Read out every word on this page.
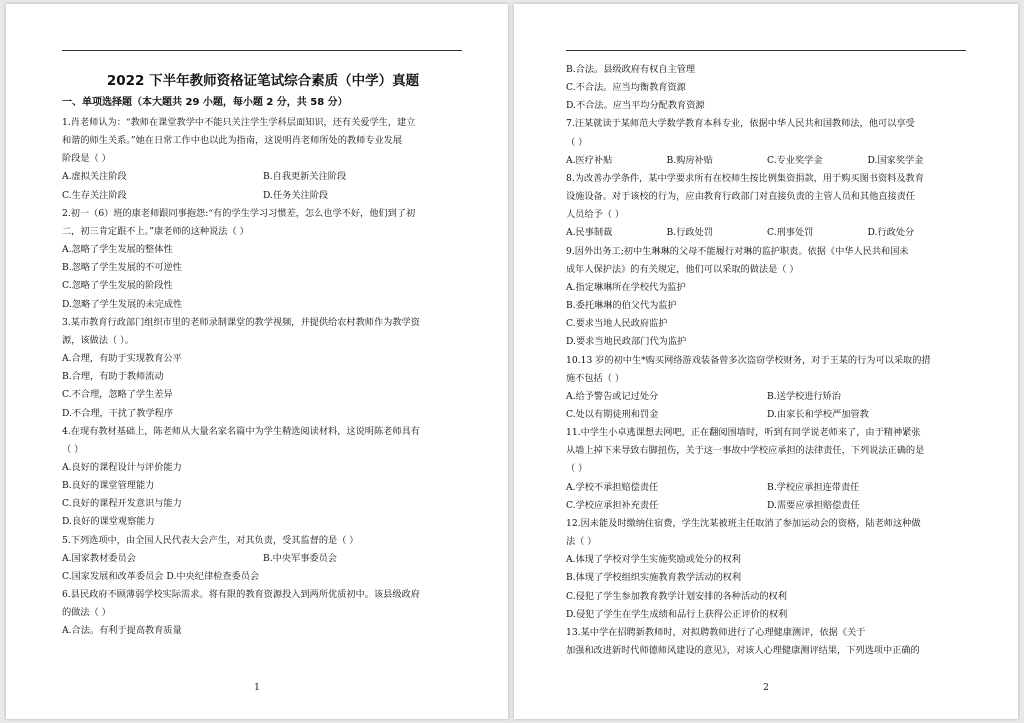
2022 下半年教师资格证笔试综合素质（中学）真题
一、单项选择题（本大题共 29 小题，每小题 2 分，共 58 分）
1.肖老师认为：“教师在课堂教学中不能只关注学生学科层面知识，还有关爱学生，建立
和谐的师生关系。”她在日常工作中也以此为指南，这说明肖老师所处的教师专业发展
阶段是（ ）
A.虚拟关注阶段	B.自我更新关注阶段
C.生存关注阶段	D.任务关注阶段
2.初一（6）班的康老师跟同事抱怨:“有的学生学习习惯差，怎么也学不好，他们到了初
二，初三肯定跟不上。”康老师的这种说法（ ）
A.忽略了学生发展的整体性
B.忽略了学生发展的不可逆性
C.忽略了学生发展的阶段性
D.忽略了学生发展的未完成性
3.某市教育行政部门组织市里的老师录制课堂的教学视频，并提供给农村教师作为教学资
源，该做法（ ）。
A.合理，有助于实现教育公平
B.合理，有助于教师流动
C.不合理，忽略了学生差异
D.不合理，干扰了教学程序
4.在现有教材基础上，陈老师从大量名家名篇中为学生精选阅读材料，这说明陈老师具有
（ ）
A.良好的课程设计与评价能力
B.良好的课堂管理能力
C.良好的课程开发意识与能力
D.良好的课堂观察能力
5.下列选项中，由全国人民代表大会产生，对其负责，受其监督的是（ ）
A.国家教材委员会	B.中央军事委员会
C.国家发展和改革委员会 D.中央纪律检查委员会
6.县民政府不顾薄弱学校实际需求。将有限的教育资源投入到两所优质初中。该县级政府
的做法（ ）
A.合法。有利于提高教育质量
1
B.合法。县级政府有权自主管理
C.不合法。应当均衡教育资源
D.不合法。应当平均分配教育资源
7.汪某就读于某师范大学数学教育本科专业，依据中华人民共和国教师法，他可以享受
（ ）
A.医疗补贴	B.购房补贴	C.专业奖学金	D.国家奖学金
8.为改善办学条件，某中学要求所有在校师生按比例集资捐款，用于购买图书资料及教育
设施设备。对于该校的行为，应由教育行政部门对直接负责的主管人员和其他直接责任
人员给予（ ）
A.民事制裁	B.行政处罚	C.刑事处罚	D.行政处分
9.因外出务工;初中生琳琳的父母不能履行对琳的监护职责。依据《中华人民共和国未
成年人保护法》的有关规定，他们可以采取的做法是（ ）
A.指定琳琳所在学校代为监护
B.委托琳琳的伯父代为监护
C.要求当地人民政府监护
D.要求当地民政部门代为监护
10.13 岁的初中生*购买网络游戏装备曾多次盗窃学校财务，对于王某的行为可以采取的措
施不包括（ ）
A.给予警告或记过处分	B.送学校进行矫治
C.处以有期徒刑和罚金	D.由家长和学校严加管教
11.中学生小卓逃课想去网吧，正在翻阅围墙时，听到有同学说老师来了，由于精神紧张
从墙上掉下来导致右脚扭伤，关于这一事故中学校应承担的法律责任，下列说法正确的是
（ ）
A.学校不承担赔偿责任	B.学校应承担连带责任
C.学校应承担补充责任	D.需要应承担赔偿责任
12.因未能及时缴纳住宿费，学生沈某被班主任取消了参加运动会的资格，陆老师这种做
法（ ）
A.体现了学校对学生实施奖励或处分的权利
B.体现了学校组织实施教育教学活动的权利
C.侵犯了学生参加教育教学计划安排的各种活动的权利
D.侵犯了学生在学生成绩和品行上获得公正评价的权利
13.某中学在招聘新教师时，对拟聘教师进行了心理健康测评，依据《关于
加强和改进新时代师德师风建设的意见》，对该人心理健康测评结果，下列选项中正确的
2
